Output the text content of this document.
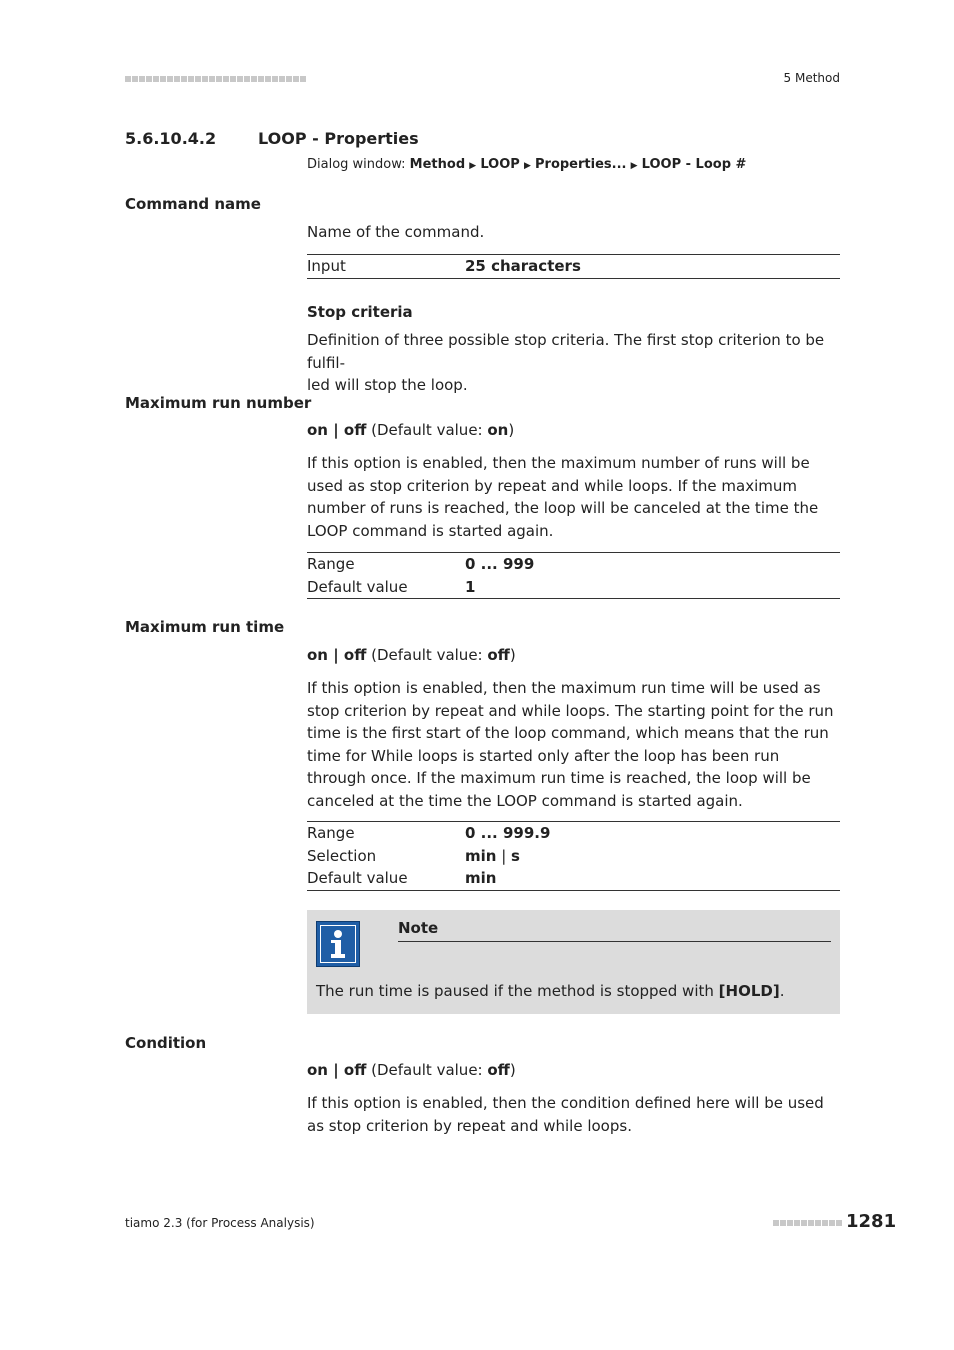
5 Method
5.6.10.4.2	LOOP - Properties
Dialog window: Method ▶ LOOP ▶ Properties... ▶ LOOP - Loop #
Command name
Name of the command.
Input	25 characters
Stop criteria
Definition of three possible stop criteria. The first stop criterion to be fulfil-
led will stop the loop.
Maximum run number
on | off (Default value: on)
If this option is enabled, then the maximum number of runs will be used as stop criterion by repeat and while loops. If the maximum number of runs is reached, the loop will be canceled at the time the LOOP command is started again.
Range	0 ... 999
Default value	1
Maximum run time
on | off (Default value: off)
If this option is enabled, then the maximum run time will be used as stop criterion by repeat and while loops. The starting point for the run time is the first start of the loop command, which means that the run time for While loops is started only after the loop has been run through once. If the maximum run time is reached, the loop will be canceled at the time the LOOP command is started again.
Range	0 ... 999.9
Selection	min | s
Default value	min
Note
The run time is paused if the method is stopped with [HOLD].
Condition
on | off (Default value: off)
If this option is enabled, then the condition defined here will be used as stop criterion by repeat and while loops.
tiamo 2.3 (for Process Analysis)	1281
